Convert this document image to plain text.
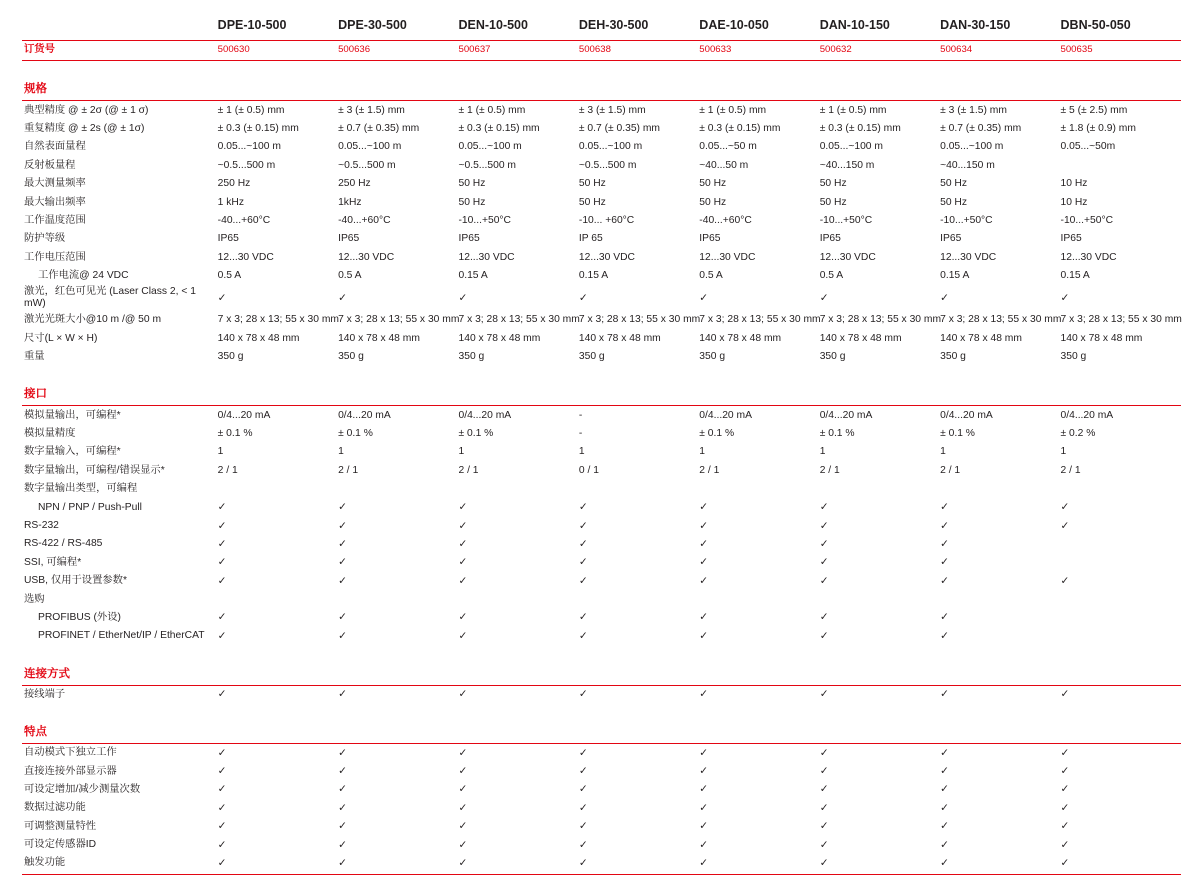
	DPE-10-500	DPE-30-500	DEN-10-500	DEH-30-500	DAE-10-050	DAN-10-150	DAN-30-150	DBN-50-050

订货号	500630	500636	500637	500638	500633	500632	500634	500635

规格								

典型精度 @ ± 2σ (@ ± 1 σ)	± 1 (± 0.5) mm	± 3 (± 1.5) mm	± 1 (± 0.5) mm	± 3 (± 1.5) mm	± 1 (± 0.5) mm	± 1 (± 0.5) mm	± 3 (± 1.5) mm	± 5 (± 2.5) mm
重复精度 @ ± 2s (@ ± 1σ)	± 0.3 (± 0.15) mm	± 0.7 (± 0.35) mm	± 0.3 (± 0.15) mm	± 0.7 (± 0.35) mm	± 0.3 (± 0.15) mm	± 0.3 (± 0.15) mm	± 0.7 (± 0.35) mm	± 1.8 (± 0.9) mm
自然表面量程	0.05...~100 m	0.05...~100 m	0.05...~100 m	0.05...~100 m	0.05...~50 m	0.05...~100 m	0.05...~100 m	0.05...~50m
反射板量程	~0.5...500 m	~0.5...500 m	~0.5...500 m	~0.5...500 m	~40...50 m	~40...150 m	~40...150 m	
最大测量频率	250 Hz	250 Hz	50 Hz	50 Hz	50 Hz	50 Hz	50 Hz	10 Hz
最大输出频率	1 kHz	1kHz	50 Hz	50 Hz	50 Hz	50 Hz	50 Hz	10 Hz
工作温度范围	-40...+60°C	-40...+60°C	-10...+50°C	-10... +60°C	-40...+60°C	-10...+50°C	-10...+50°C	-10...+50°C
防护等级	IP65	IP65	IP65	IP 65	IP65	IP65	IP65	IP65
工作电压范围	12...30 VDC	12...30 VDC	12...30 VDC	12...30 VDC	12...30 VDC	12...30 VDC	12...30 VDC	12...30 VDC
工作电流@ 24 VDC	0.5 A	0.5 A	0.15 A	0.15 A	0.5 A	0.5 A	0.15 A	0.15 A
激光，红色可见光 (Laser Class 2, < 1 mW)	✓	✓	✓	✓	✓	✓	✓	✓
激光光斑大小@10 m /@ 50 m	7 x 3; 28 x 13; 55 x 30 mm	7 x 3; 28 x 13; 55 x 30 mm	7 x 3; 28 x 13; 55 x 30 mm	7 x 3; 28 x 13; 55 x 30 mm	7 x 3; 28 x 13; 55 x 30 mm	7 x 3; 28 x 13; 55 x 30 mm	7 x 3; 28 x 13; 55 x 30 mm	7 x 3; 28 x 13; 55 x 30 mm
尺寸(L × W × H)	140 x 78 x 48 mm	140 x 78 x 48 mm	140 x 78 x 48 mm	140 x 78 x 48 mm	140 x 78 x 48 mm	140 x 78 x 48 mm	140 x 78 x 48 mm	140 x 78 x 48 mm
重量	350 g	350 g	350 g	350 g	350 g	350 g	350 g	350 g

接口								

模拟量输出，可编程*	0/4...20 mA	0/4...20 mA	0/4...20 mA	-	0/4...20 mA	0/4...20 mA	0/4...20 mA	0/4...20 mA
模拟量精度	± 0.1 %	± 0.1 %	± 0.1 %	-	± 0.1 %	± 0.1 %	± 0.1 %	± 0.2 %
数字量输入，可编程*	1	1	1	1	1	1	1	1
数字量输出，可编程/错误显示*	2 / 1	2 / 1	2 / 1	0 / 1	2 / 1	2 / 1	2 / 1	2 / 1
数字量输出类型，可编程								
NPN / PNP / Push-Pull	✓	✓	✓	✓	✓	✓	✓	✓
RS-232	✓	✓	✓	✓	✓	✓	✓	✓
RS-422 / RS-485	✓	✓	✓	✓	✓	✓	✓	
SSI, 可编程*	✓	✓	✓	✓	✓	✓	✓	
USB, 仅用于设置参数*	✓	✓	✓	✓	✓	✓	✓	✓
选购								
PROFIBUS (外设)	✓	✓	✓	✓	✓	✓	✓	
PROFINET / EtherNet/IP / EtherCAT	✓	✓	✓	✓	✓	✓	✓	

连接方式								

接线端子	✓	✓	✓	✓	✓	✓	✓	✓

特点								

自动模式下独立工作	✓	✓	✓	✓	✓	✓	✓	✓
直接连接外部显示器	✓	✓	✓	✓	✓	✓	✓	✓
可设定增加/减少测量次数	✓	✓	✓	✓	✓	✓	✓	✓
数据过滤功能	✓	✓	✓	✓	✓	✓	✓	✓
可调整测量特性	✓	✓	✓	✓	✓	✓	✓	✓
可设定传感器ID	✓	✓	✓	✓	✓	✓	✓	✓
触发功能	✓	✓	✓	✓	✓	✓	✓	✓
